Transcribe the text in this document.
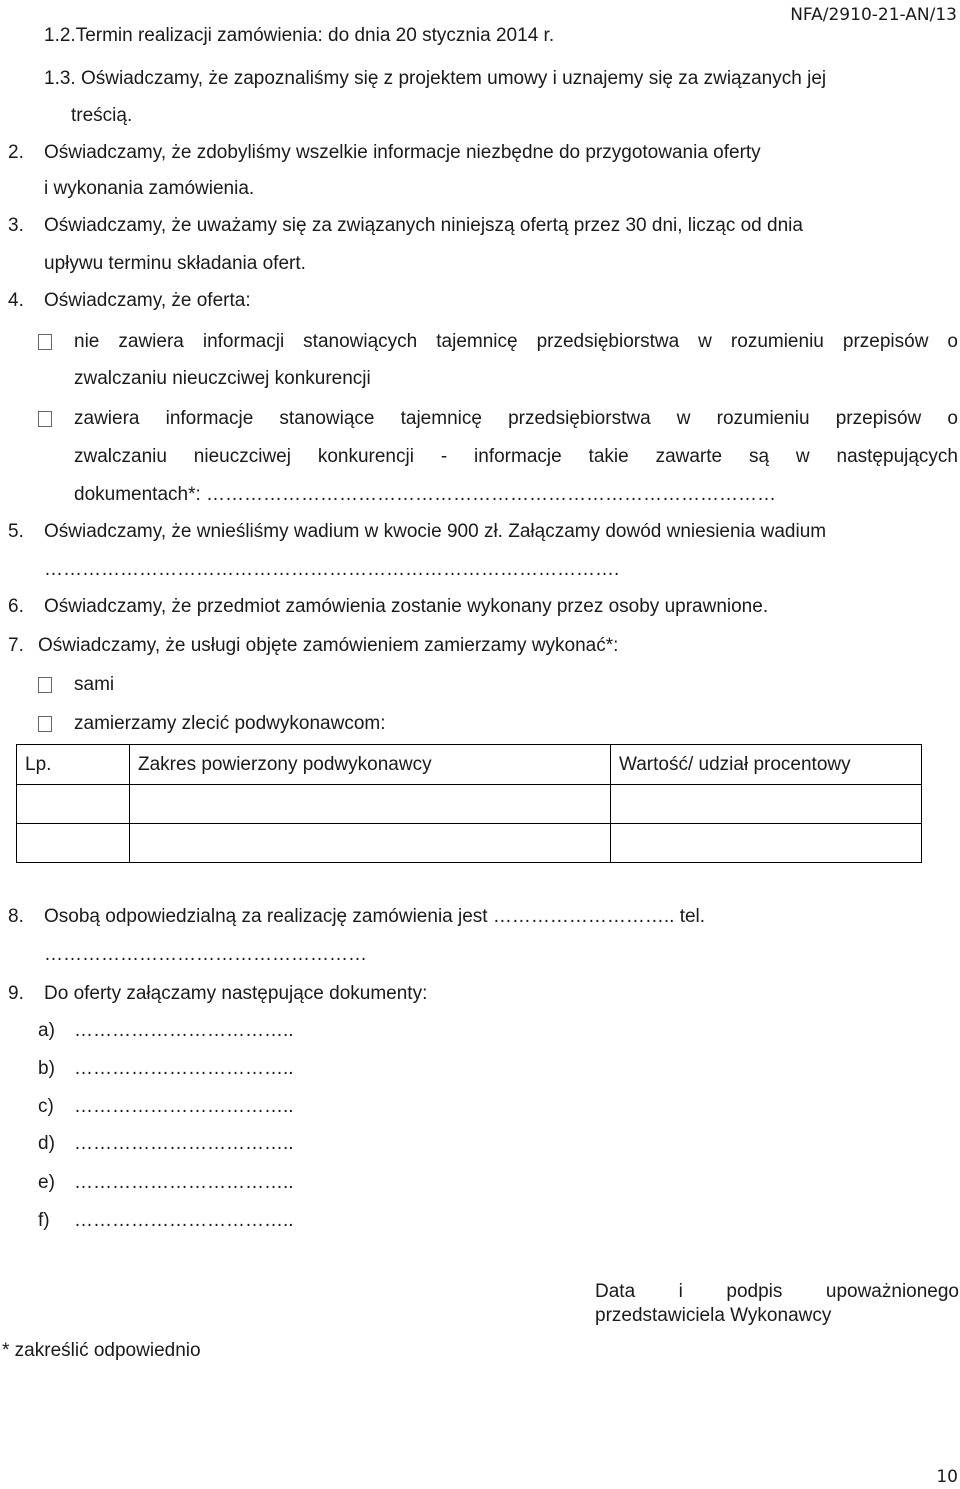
NFA/2910-21-AN/13
1.2.Termin realizacji zamówienia: do dnia 20 stycznia 2014 r.
1.3. Oświadczamy, że zapoznaliśmy się z projektem umowy i uznajemy się za związanych jej
treścią.
2. Oświadczamy, że zdobyliśmy wszelkie informacje niezbędne do przygotowania oferty
i wykonania zamówienia.
3. Oświadczamy, że uważamy się za związanych niniejszą ofertą przez 30 dni, licząc od dnia
upływu terminu składania ofert.
4. Oświadczamy, że oferta:
nie zawiera informacji stanowiących tajemnicę przedsiębiorstwa w rozumieniu przepisów o
zwalczaniu nieuczciwej konkurencji
zawiera informacje stanowiące tajemnicę przedsiębiorstwa w rozumieniu przepisów o
zwalczaniu nieuczciwej konkurencji - informacje takie zawarte są w następujących
dokumentach*: ………………………………………………………………………………
5. Oświadczamy, że wnieśliśmy wadium w kwocie 900 zł. Załączamy dowód wniesienia wadium
……………………………………………………………………………….
6. Oświadczamy, że przedmiot zamówienia zostanie wykonany przez osoby uprawnione.
7. Oświadczamy, że usługi objęte zamówieniem zamierzamy wykonać*:
sami
zamierzamy zlecić podwykonawcom:
Lp.	Zakres powierzony podwykonawcy	Wartość/ udział procentowy

8. Osobą odpowiedzialną za realizację zamówienia jest ……………………….. tel.
……………………………………………
9. Do oferty załączamy następujące dokumenty:
a) ……………………………..
b) ……………………………..
c) ……………………………..
d) ……………………………..
e) ……………………………..
f) ……………………………..
Data i podpis upoważnionego
przedstawiciela Wykonawcy
* zakreślić odpowiednio
10
